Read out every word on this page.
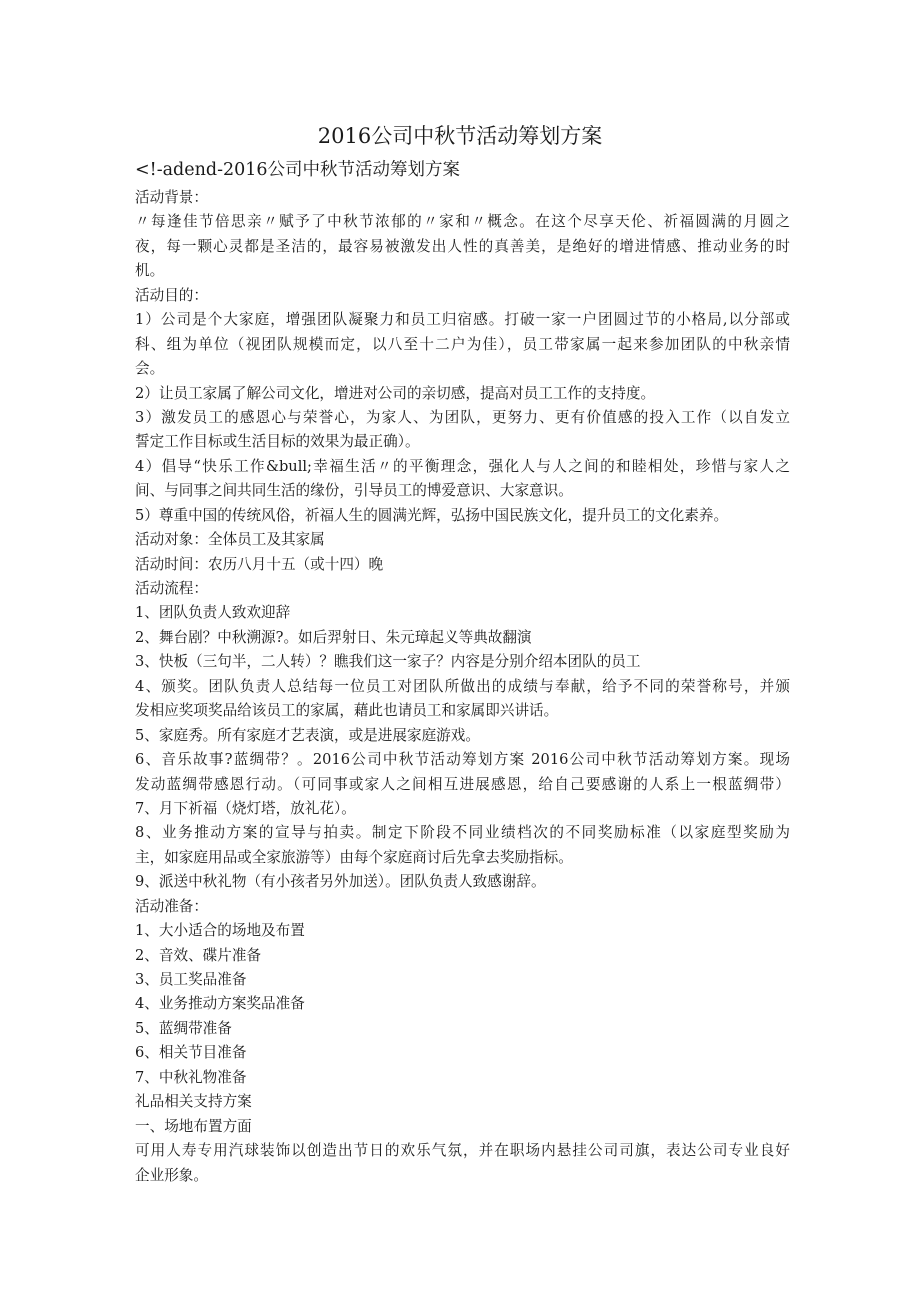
2016公司中秋节活动筹划方案
<!-adend-2016公司中秋节活动筹划方案
活动背景：
〃每逢佳节倍思亲〃赋予了中秋节浓郁的〃家和〃概念。在这个尽享天伦、祈福圆满的月圆之
夜，每一颗心灵都是圣洁的，最容易被激发出人性的真善美，是绝好的增进情感、推动业务的时
机。
活动目的：
1）公司是个大家庭，增强团队凝聚力和员工归宿感。打破一家一户团圆过节的小格局,以分部或
科、组为单位（视团队规模而定，以八至十二户为佳），员工带家属一起来参加团队的中秋亲情
会。
2）让员工家属了解公司文化，增进对公司的亲切感，提高对员工工作的支持度。
3）激发员工的感恩心与荣誉心，为家人、为团队，更努力、更有价值感的投入工作（以自发立
誓定工作目标或生活目标的效果为最正确）。
4）倡导“快乐工作&bull;幸福生活〃的平衡理念，强化人与人之间的和睦相处，珍惜与家人之
间、与同事之间共同生活的缘份，引导员工的博爱意识、大家意识。
5）尊重中国的传统风俗，祈福人生的圆满光辉，弘扬中国民族文化，提升员工的文化素养。
活动对象：全体员工及其家属
活动时间：农历八月十五（或十四）晚
活动流程：
1、团队负责人致欢迎辞
2、舞台剧？中秋溯源?。如后羿射日、朱元璋起义等典故翻演
3、快板（三句半，二人转）？瞧我们这一家子？内容是分别介绍本团队的员工
4、颁奖。团队负责人总结每一位员工对团队所做出的成绩与奉献，给予不同的荣誉称号，并颁
发相应奖项奖品给该员工的家属，藉此也请员工和家属即兴讲话。
5、家庭秀。所有家庭才艺表演，或是进展家庭游戏。
6、音乐故事?蓝绸带？。2016公司中秋节活动筹划方案 2016公司中秋节活动筹划方案。现场
发动蓝绸带感恩行动。（可同事或家人之间相互进展感恩，给自己要感谢的人系上一根蓝绸带）
7、月下祈福（烧灯塔，放礼花）。
8、业务推动方案的宣导与拍卖。制定下阶段不同业绩档次的不同奖励标准（以家庭型奖励为
主，如家庭用品或全家旅游等）由每个家庭商讨后先拿去奖励指标。
9、派送中秋礼物（有小孩者另外加送）。团队负责人致感谢辞。
活动准备：
1、大小适合的场地及布置
2、音效、碟片准备
3、员工奖品准备
4、业务推动方案奖品准备
5、蓝绸带准备
6、相关节目准备
7、中秋礼物准备
礼品相关支持方案
一、场地布置方面
可用人寿专用汽球装饰以创造出节日的欢乐气氛，并在职场内悬挂公司司旗，表达公司专业良好
企业形象。
